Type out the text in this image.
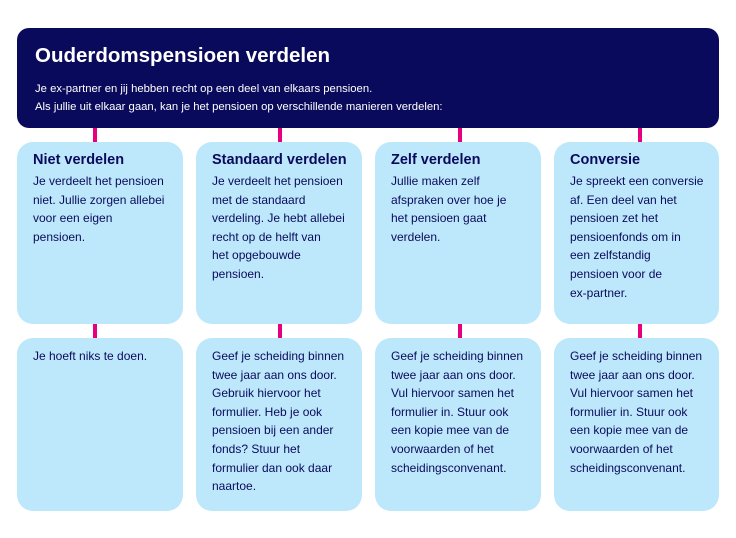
Ouderdomspensioen verdelen

Je ex-partner en jij hebben recht op een deel van elkaars pensioen.

Als jullie uit elkaar gaan, kan je het pensioen op verschillende manieren verdelen:

Niet verdelen

Je verdeelt het pensioen
niet. Jullie zorgen allebei
voor een eigen
pensioen.

Standaard verdelen

Je verdeelt het pensioen
met de standaard
verdeling. Je hebt allebei
recht op de helft van
het opgebouwde
pensioen.

Zelf verdelen

Jullie maken zelf
afspraken over hoe je
het pensioen gaat
verdelen.

Conversie

Je spreekt een conversie
af. Een deel van het
pensioen zet het
pensioenfonds om in
een zelfstandig
pensioen voor de
ex-partner.

Je hoeft niks te doen.	Geef je scheiding binnen
twee jaar aan ons door.
Gebruik hiervoor het
formulier. Heb je ook
pensioen bij een ander
fonds? Stuur het
formulier dan ook daar
naartoe.

Geef je scheiding binnen
twee jaar aan ons door.
Vul hiervoor samen het
formulier in. Stuur ook
een kopie mee van de
voorwaarden of het
scheidingsconvenant.

Geef je scheiding binnen
twee jaar aan ons door.
Vul hiervoor samen het
formulier in. Stuur ook
een kopie mee van de
voorwaarden of het
scheidingsconvenant.
